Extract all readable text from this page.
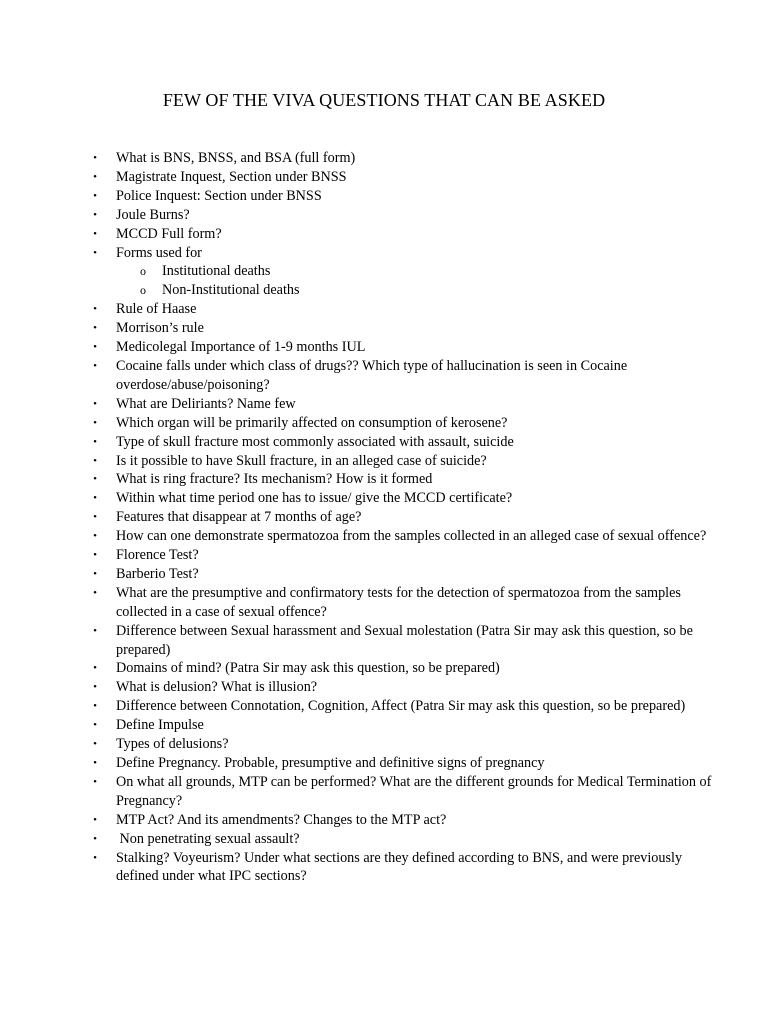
FEW OF THE VIVA QUESTIONS THAT CAN BE ASKED
• What is BNS, BNSS, and BSA (full form)
• Magistrate Inquest, Section under BNSS
• Police Inquest: Section under BNSS
• Joule Burns?
• MCCD Full form?
• Forms used for
o Institutional deaths
o Non-Institutional deaths
• Rule of Haase
• Morrison’s rule
• Medicolegal Importance of 1-9 months IUL
• Cocaine falls under which class of drugs?? Which type of hallucination is seen in Cocaine overdose/abuse/poisoning?
• What are Deliriants? Name few
• Which organ will be primarily affected on consumption of kerosene?
• Type of skull fracture most commonly associated with assault, suicide
• Is it possible to have Skull fracture, in an alleged case of suicide?
• What is ring fracture? Its mechanism? How is it formed
• Within what time period one has to issue/ give the MCCD certificate?
• Features that disappear at 7 months of age?
• How can one demonstrate spermatozoa from the samples collected in an alleged case of sexual offence?
• Florence Test?
• Barberio Test?
• What are the presumptive and confirmatory tests for the detection of spermatozoa from the samples collected in a case of sexual offence?
• Difference between Sexual harassment and Sexual molestation (Patra Sir may ask this question, so be prepared)
• Domains of mind? (Patra Sir may ask this question, so be prepared)
• What is delusion? What is illusion?
• Difference between Connotation, Cognition, Affect (Patra Sir may ask this question, so be prepared)
• Define Impulse
• Types of delusions?
• Define Pregnancy. Probable, presumptive and definitive signs of pregnancy
• On what all grounds, MTP can be performed? What are the different grounds for Medical Termination of Pregnancy?
• MTP Act? And its amendments? Changes to the MTP act?
• Non penetrating sexual assault?
• Stalking? Voyeurism? Under what sections are they defined according to BNS, and were previously defined under what IPC sections?
